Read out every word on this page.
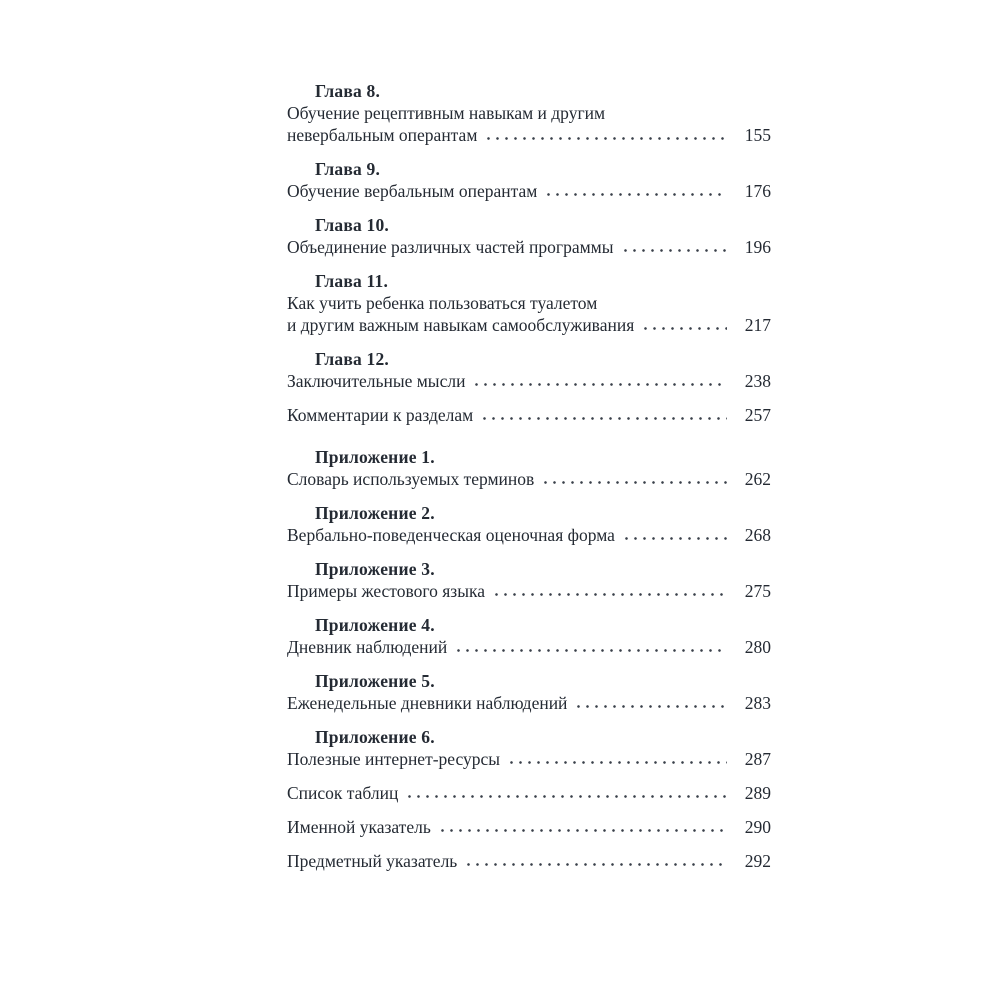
Глава 8.
Обучение рецептивным навыкам и другим
невербальным оперантам	155
Глава 9.
Обучение вербальным оперантам	176
Глава 10.
Объединение различных частей программы	196
Глава 11.
Как учить ребенка пользоваться туалетом
и другим важным навыкам самообслуживания	217
Глава 12.
Заключительные мысли	238
Комментарии к разделам	257
Приложение 1.
Словарь используемых терминов	262
Приложение 2.
Вербально-поведенческая оценочная форма	268
Приложение 3.
Примеры жестового языка	275
Приложение 4.
Дневник наблюдений	280
Приложение 5.
Еженедельные дневники наблюдений	283
Приложение 6.
Полезные интернет-ресурсы	287
Список таблиц	289
Именной указатель	290
Предметный указатель	292
